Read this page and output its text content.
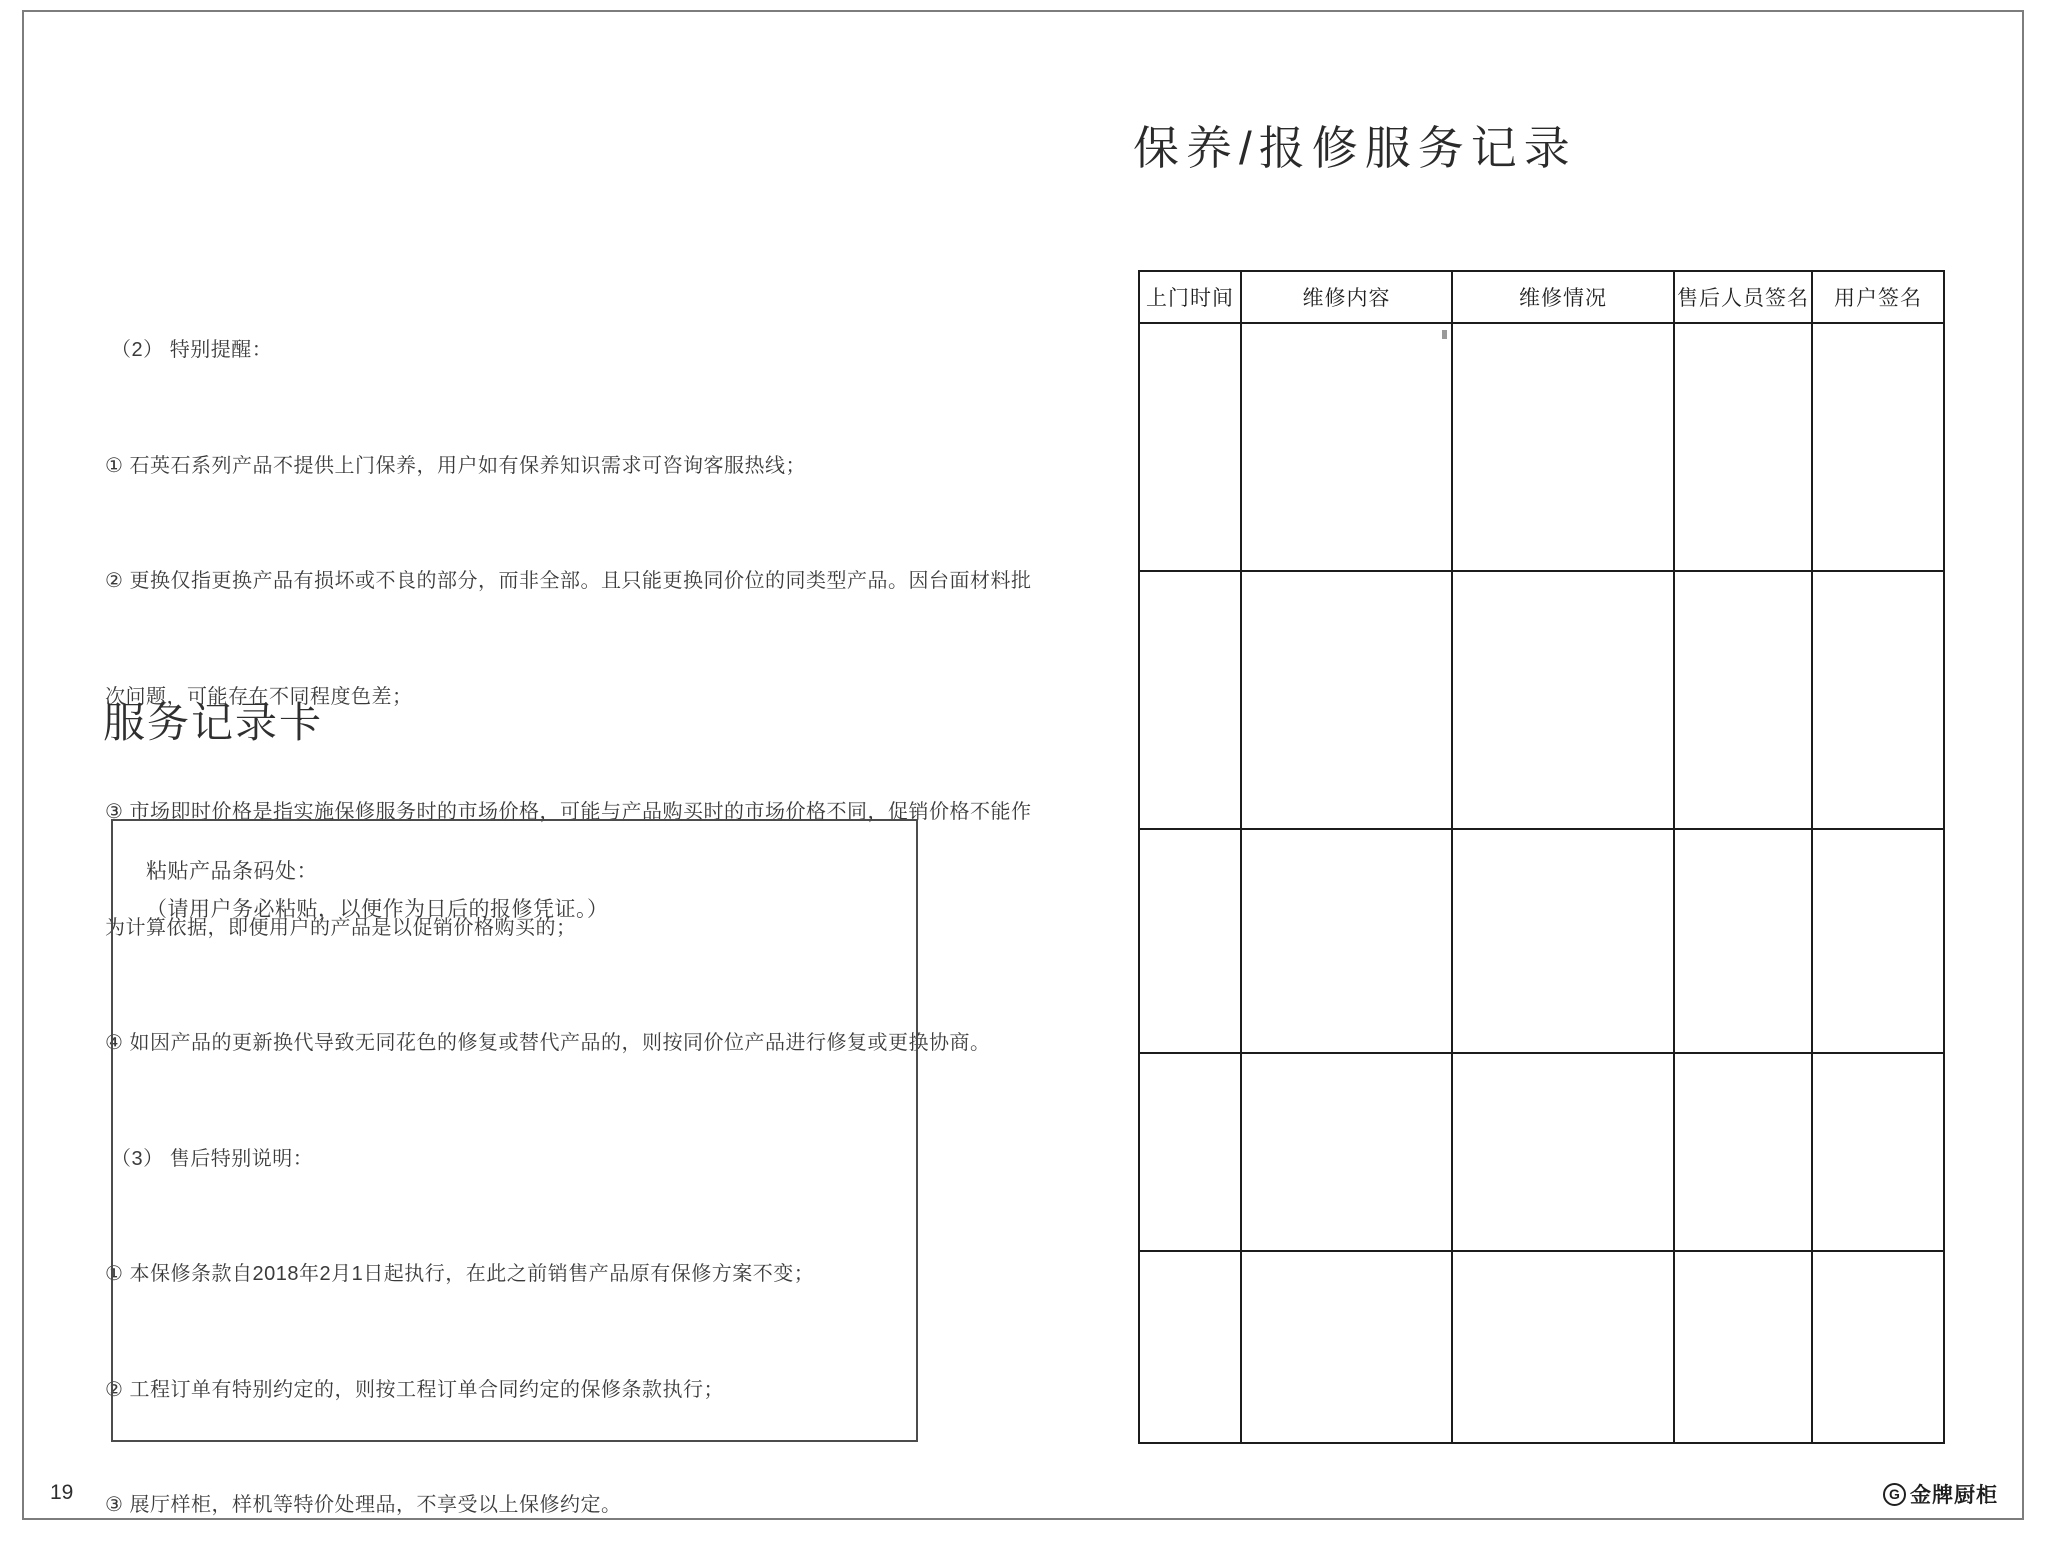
（2） 特别提醒：

① 石英石系列产品不提供上门保养，用户如有保养知识需求可咨询客服热线；

② 更换仅指更换产品有损坏或不良的部分，而非全部。且只能更换同价位的同类型产品。因台面材料批

次问题，可能存在不同程度色差；

③ 市场即时价格是指实施保修服务时的市场价格，可能与产品购买时的市场价格不同，促销价格不能作

为计算依据，即便用户的产品是以促销价格购买的；

④ 如因产品的更新换代导致无同花色的修复或替代产品的，则按同价位产品进行修复或更换协商。

（3） 售后特别说明：

① 本保修条款自2018年2月1日起执行，在此之前销售产品原有保修方案不变；

② 工程订单有特别约定的，则按工程订单合同约定的保修条款执行；

③ 展厅样柜，样机等特价处理品，不享受以上保修约定。

服务记录卡
粘贴产品条码处：
（请用户务必粘贴，以便作为日后的报修凭证。）
保养/报修服务记录
上门时间	维修内容	维修情况	售后人员签名	用户签名

19	G 金牌厨柜
